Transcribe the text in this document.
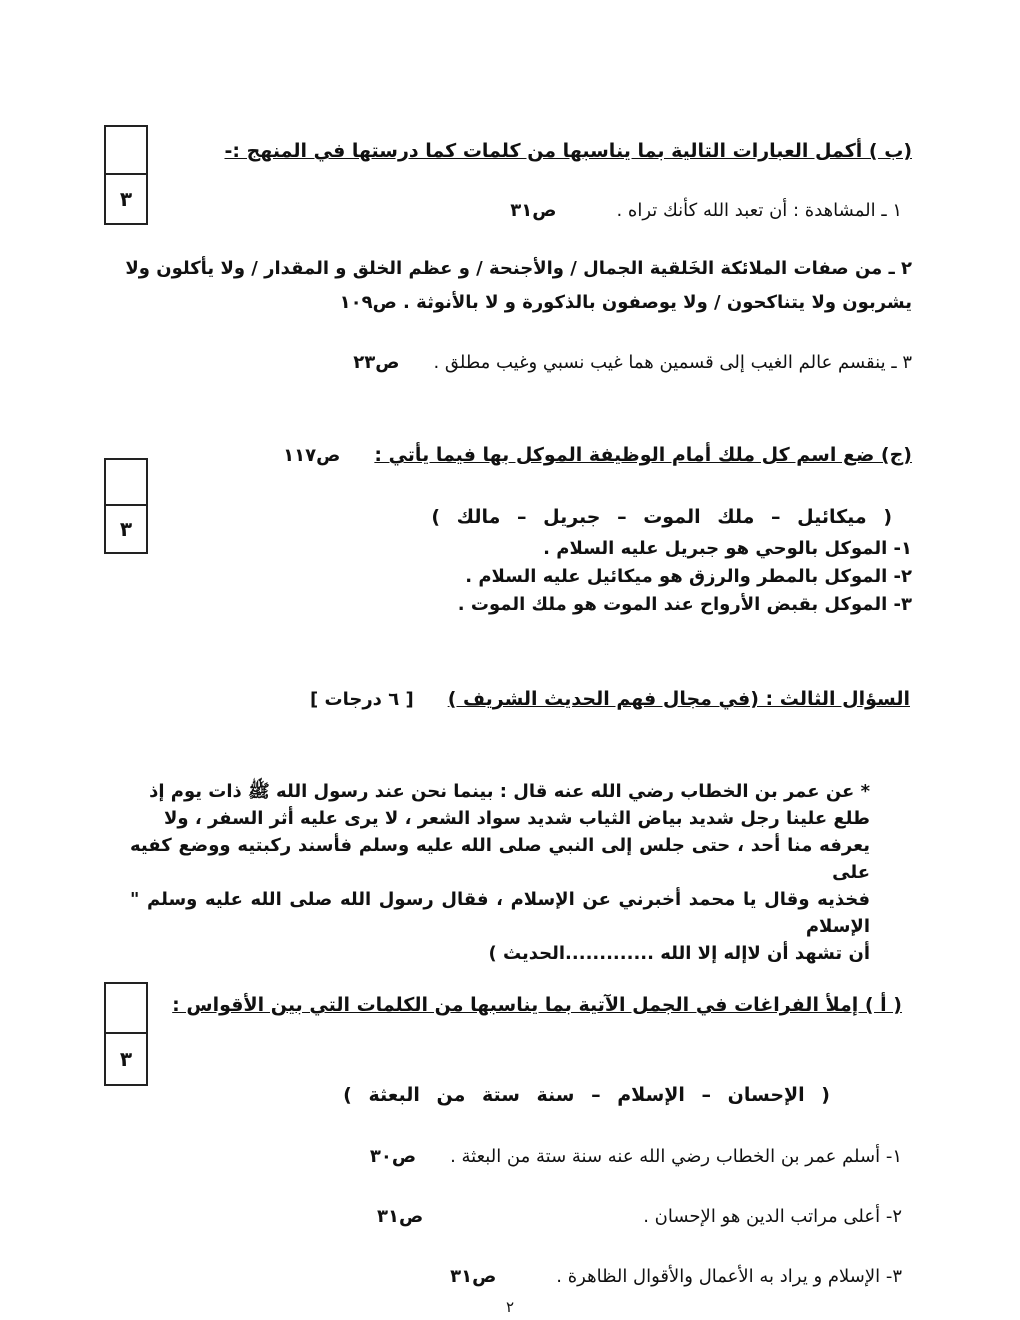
٣
(ب ) أكمل العبارات التالية بما يناسبها من كلمات كما درستها في المنهج :-
١ ـ المشاهدة : أن تعبد الله كأنك تراه .ص٣١
٢ ـ من صفات الملائكة الخَلقية الجمال / والأجنحة / و عظم الخلق و المقدار / ولا يأكلون ولا
يشربون ولا يتناكحون / ولا يوصفون بالذكورة و لا بالأنوثة . ص١٠٩
٣ ـ ينقسم عالم الغيب إلى قسمين هما غيب نسبي وغيب مطلق .ص٢٣
٣
(ج) ضع اسم كل ملك أمام الوظيفة الموكل بها فيما يأتي :ص١١٧
( ميكائيل – ملك الموت – جبريل – مالك )
١- الموكل بالوحي هو جبريل عليه السلام .
٢- الموكل بالمطر والرزق هو ميكائيل عليه السلام .
٣- الموكل بقبض الأرواح عند الموت هو ملك الموت .
السؤال الثالث : (في مجال فهم الحديث الشريف )[ ٦ درجات ]
* عن عمر بن الخطاب رضي الله عنه قال : بينما نحن عند رسول الله ﷺ ذات يوم إذ
طلع علينا رجل شديد بياض الثياب شديد سواد الشعر ، لا يرى عليه أثر السفر ، ولا
يعرفه منا أحد ، حتى جلس إلى النبي صلى الله عليه وسلم فأسند ركبتيه ووضع كفيه على
فخذيه وقال يا محمد أخبرني عن الإسلام ، فقال رسول الله صلى الله عليه وسلم " الإسلام
أن تشهد أن لاإله إلا الله .............الحديث )
٣
( أ ) إملأ الفراغات في الجمل الآتية بما يناسبها من الكلمات التي بين الأقواس :
( الإحسان – الإسلام – سنة ستة من البعثة )
١- أسلم عمر بن الخطاب رضي الله عنه سنة ستة من البعثة .ص٣٠
٢- أعلى مراتب الدين هو الإحسان .ص٣١
٣- الإسلام و يراد به الأعمال والأقوال الظاهرة .ص٣١
٢
